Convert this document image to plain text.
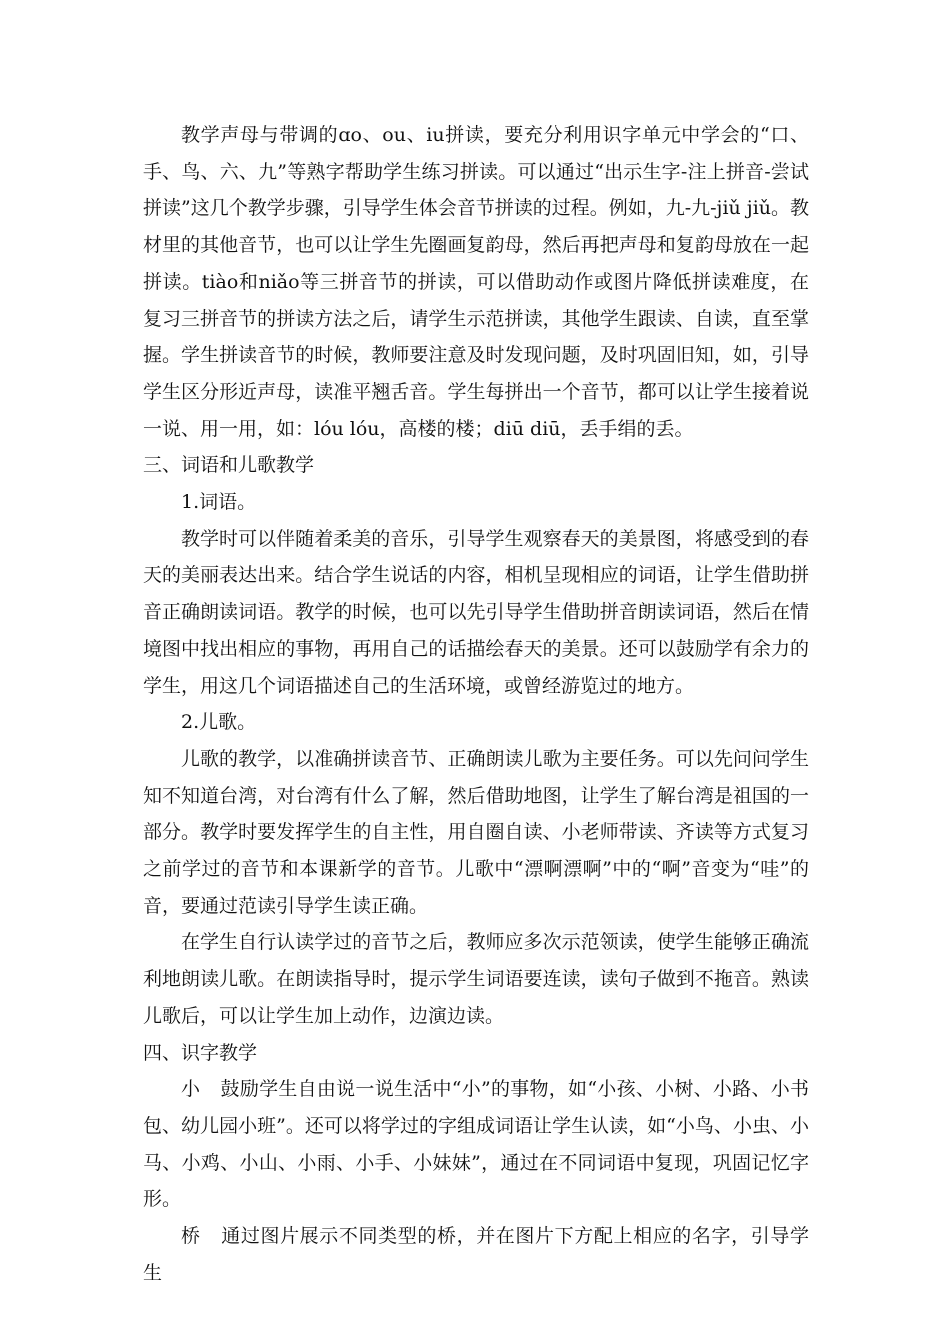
教学声母与带调的ɑo、ou、iu拼读，要充分利用识字单元中学会的“口、手、鸟、六、九”等熟字帮助学生练习拼读。可以通过“出示生字-注上拼音-尝试拼读”这几个教学步骤，引导学生体会音节拼读的过程。例如，九-九-jiǔ jiǔ。教材里的其他音节，也可以让学生先圈画复韵母，然后再把声母和复韵母放在一起拼读。tiào和niǎo等三拼音节的拼读，可以借助动作或图片降低拼读难度，在复习三拼音节的拼读方法之后，请学生示范拼读，其他学生跟读、自读，直至掌握。学生拼读音节的时候，教师要注意及时发现问题，及时巩固旧知，如，引导学生区分形近声母，读准平翘舌音。学生每拼出一个音节，都可以让学生接着说一说、用一用，如：lóu lóu，高楼的楼；diū diū，丢手绢的丢。

三、词语和儿歌教学

1.词语。

教学时可以伴随着柔美的音乐，引导学生观察春天的美景图，将感受到的春天的美丽表达出来。结合学生说话的内容，相机呈现相应的词语，让学生借助拼音正确朗读词语。教学的时候，也可以先引导学生借助拼音朗读词语，然后在情境图中找出相应的事物，再用自己的话描绘春天的美景。还可以鼓励学有余力的学生，用这几个词语描述自己的生活环境，或曾经游览过的地方。

2.儿歌。

儿歌的教学，以准确拼读音节、正确朗读儿歌为主要任务。可以先问问学生知不知道台湾，对台湾有什么了解，然后借助地图，让学生了解台湾是祖国的一部分。教学时要发挥学生的自主性，用自圈自读、小老师带读、齐读等方式复习之前学过的音节和本课新学的音节。儿歌中“漂啊漂啊”中的“啊”音变为“哇”的音，要通过范读引导学生读正确。

在学生自行认读学过的音节之后，教师应多次示范领读，使学生能够正确流利地朗读儿歌。在朗读指导时，提示学生词语要连读，读句子做到不拖音。熟读儿歌后，可以让学生加上动作，边演边读。

四、识字教学

小 鼓励学生自由说一说生活中“小”的事物，如“小孩、小树、小路、小书包、幼儿园小班”。还可以将学过的字组成词语让学生认读，如“小鸟、小虫、小马、小鸡、小山、小雨、小手、小妹妹”，通过在不同词语中复现，巩固记忆字形。

桥 通过图片展示不同类型的桥，并在图片下方配上相应的名字，引导学生
